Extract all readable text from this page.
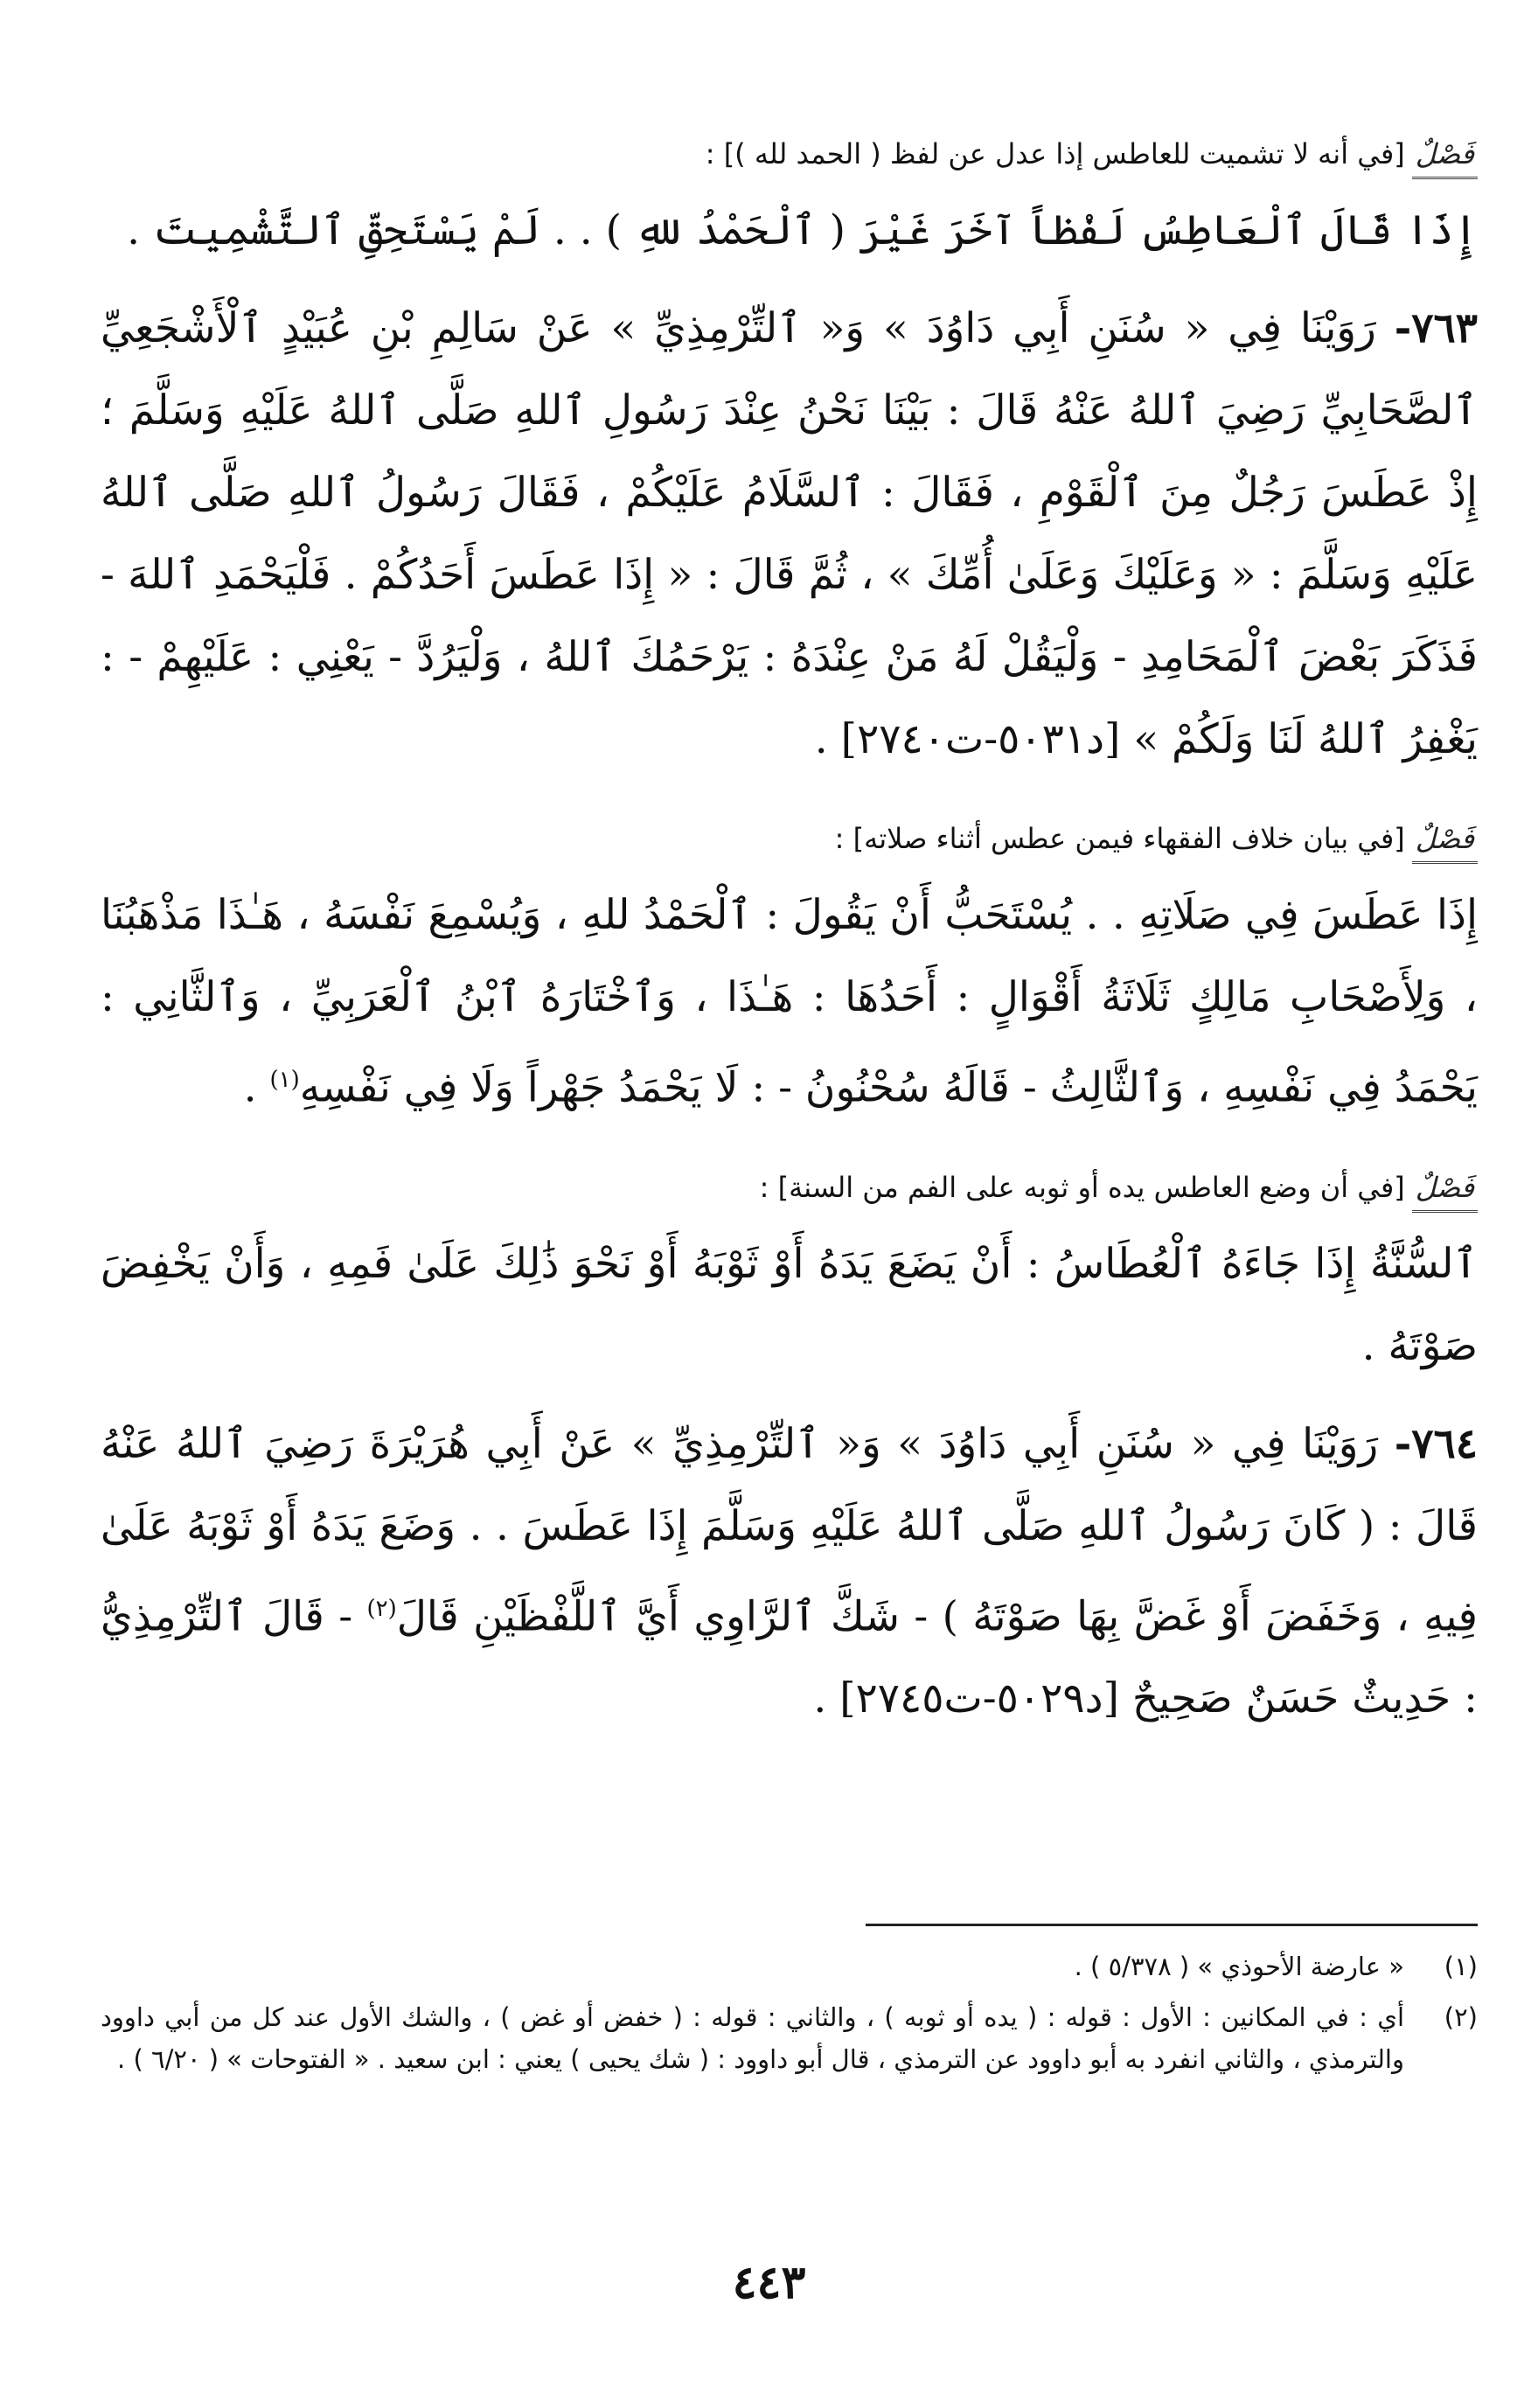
فَصْلٌ
[في أنه لا تشميت للعاطس إذا عدل عن لفظ ( الحمد لله )] :

إِذَا قَالَ ٱلْعَاطِسُ لَفْظاً آخَرَ غَيْرَ ( ٱلْحَمْدُ للهِ ) . . لَمْ يَسْتَحِقِّ ٱلتَّشْمِيتَ .

٧٦٣- رَوَيْنَا فِي « سُنَنِ أَبِي دَاوُدَ » وَ« ٱلتِّرْمِذِيِّ » عَنْ سَالِمِ بْنِ عُبَيْدٍ ٱلْأَشْجَعِيِّ ٱلصَّحَابِيِّ رَضِيَ ٱللهُ عَنْهُ قَالَ : بَيْنَا نَحْنُ عِنْدَ رَسُولِ ٱللهِ صَلَّى ٱللهُ عَلَيْهِ وَسَلَّمَ ؛ إِذْ عَطَسَ رَجُلٌ مِنَ ٱلْقَوْمِ ، فَقَالَ : ٱلسَّلَامُ عَلَيْكُمْ ، فَقَالَ رَسُولُ ٱللهِ صَلَّى ٱللهُ عَلَيْهِ وَسَلَّمَ : « وَعَلَيْكَ وَعَلَىٰ أُمِّكَ » ، ثُمَّ قَالَ : « إِذَا عَطَسَ أَحَدُكُمْ . فَلْيَحْمَدِ ٱللهَ - فَذَكَرَ بَعْضَ ٱلْمَحَامِدِ - وَلْيَقُلْ لَهُ مَنْ عِنْدَهُ : يَرْحَمُكَ ٱللهُ ، وَلْيَرُدَّ - يَعْنِي : عَلَيْهِمْ - : يَغْفِرُ ٱللهُ لَنَا وَلَكُمْ » [د٥٠٣١-ت٢٧٤٠] .

فَصْلٌ
[في بيان خلاف الفقهاء فيمن عطس أثناء صلاته] :

إِذَا عَطَسَ فِي صَلَاتِهِ . . يُسْتَحَبُّ أَنْ يَقُولَ : ٱلْحَمْدُ للهِ ، وَيُسْمِعَ نَفْسَهُ ، هَـٰذَا مَذْهَبُنَا ، وَلِأَصْحَابِ مَالِكٍ ثَلَاثَةُ أَقْوَالٍ : أَحَدُهَا : هَـٰذَا ، وَٱخْتَارَهُ ٱبْنُ ٱلْعَرَبِيِّ ، وَٱلثَّانِي : يَحْمَدُ فِي نَفْسِهِ ، وَٱلثَّالِثُ - قَالَهُ سُحْنُونُ - : لَا يَحْمَدُ جَهْراً وَلَا فِي نَفْسِهِ$^{(١)}$ .

فَصْلٌ
[في أن وضع العاطس يده أو ثوبه على الفم من السنة] :

ٱلسُّنَّةُ إِذَا جَاءَهُ ٱلْعُطَاسُ : أَنْ يَضَعَ يَدَهُ أَوْ ثَوْبَهُ أَوْ نَحْوَ ذَٰلِكَ عَلَىٰ فَمِهِ ، وَأَنْ يَخْفِضَ صَوْتَهُ .

٧٦٤- رَوَيْنَا فِي « سُنَنِ أَبِي دَاوُدَ » وَ« ٱلتِّرْمِذِيِّ » عَنْ أَبِي هُرَيْرَةَ رَضِيَ ٱللهُ عَنْهُ قَالَ : ( كَانَ رَسُولُ ٱللهِ صَلَّى ٱللهُ عَلَيْهِ وَسَلَّمَ إِذَا عَطَسَ . . وَضَعَ يَدَهُ أَوْ ثَوْبَهُ عَلَىٰ فِيهِ ، وَخَفَضَ أَوْ غَضَّ بِهَا صَوْتَهُ ) - شَكَّ ٱلرَّاوِي أَيَّ ٱللَّفْظَيْنِ قَالَ$^{(٢)}$ - قَالَ ٱلتِّرْمِذِيُّ : حَدِيثٌ حَسَنٌ صَحِيحٌ [د٥٠٢٩-ت٢٧٤٥] .

(١)
« عارضة الأحوذي » ( ٥/٣٧٨ ) .
(٢)
أي : في المكانين : الأول : قوله : ( يده أو ثوبه ) ، والثاني : قوله : ( خفض أو غض ) ، والشك الأول عند كل من أبي داوود والترمذي ، والثاني انفرد به أبو داوود عن الترمذي ، قال أبو داوود : ( شك يحيى ) يعني : ابن سعيد . « الفتوحات » ( ٦/٢٠ ) .
٤٤٣
